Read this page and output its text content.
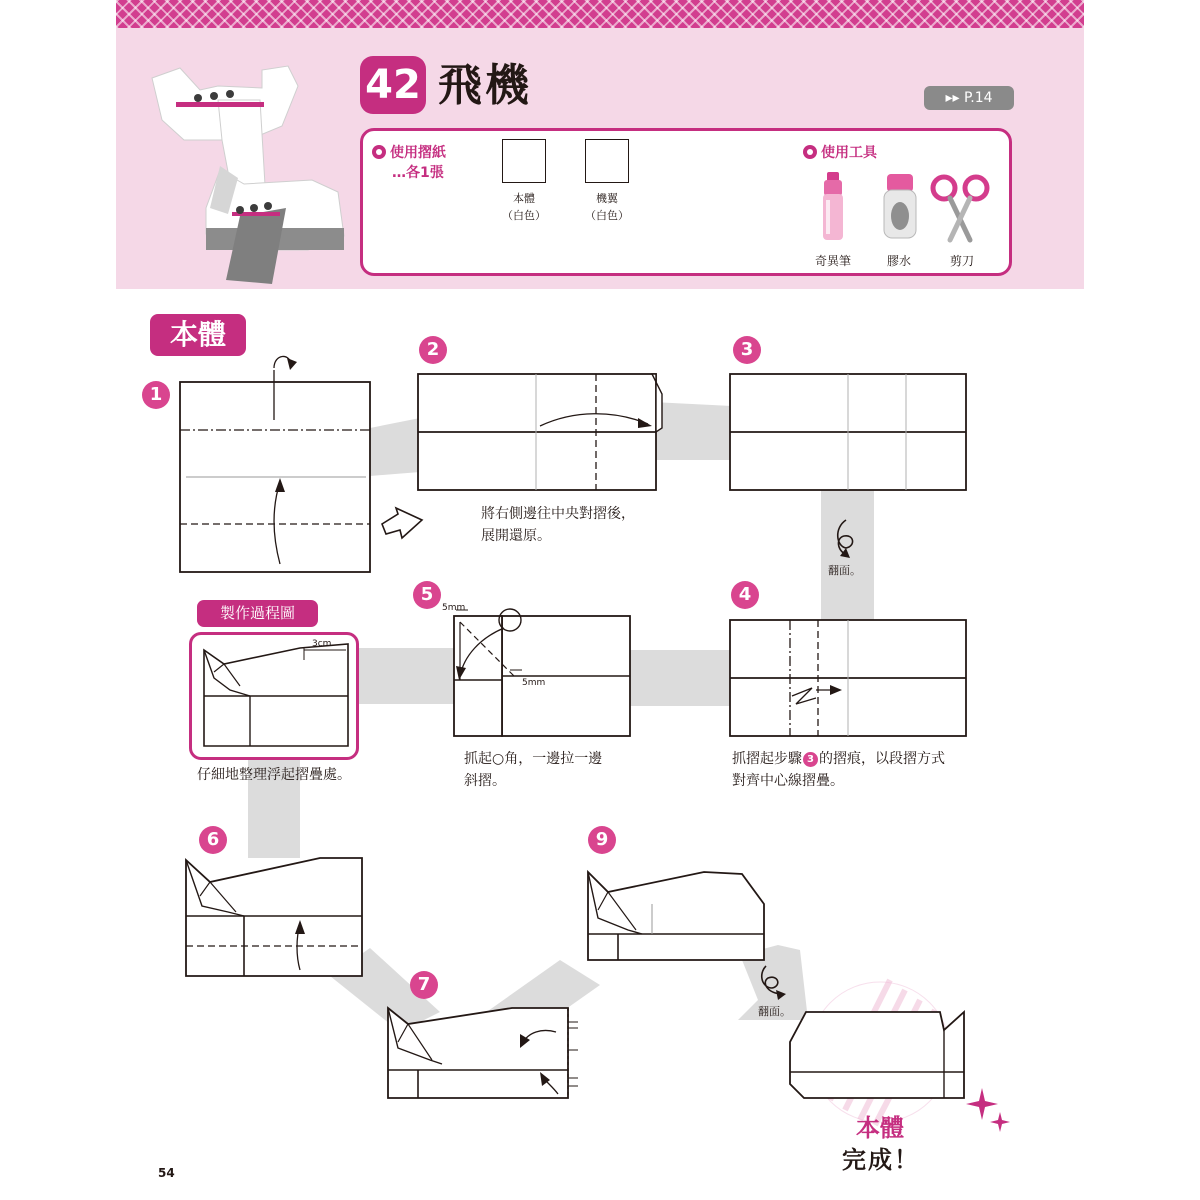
42 飛機	▸▸ P.14
使用摺紙
…各1張
本體
（白色）
機翼
（白色）
使用工具
奇異筆	膠水	剪刀
本體
1
2	3
4
5
6
7
9
將右側邊往中央對摺後，
展開還原。
翻面。
抓摺起步驟 3 的摺痕，以段摺方式
對齊中心線摺疊。
5mm
5mm
抓起○角，一邊拉一邊
斜摺。
製作過程圖
3cm
仔細地整理浮起摺疊處。
翻面。
本體
完成！
54
